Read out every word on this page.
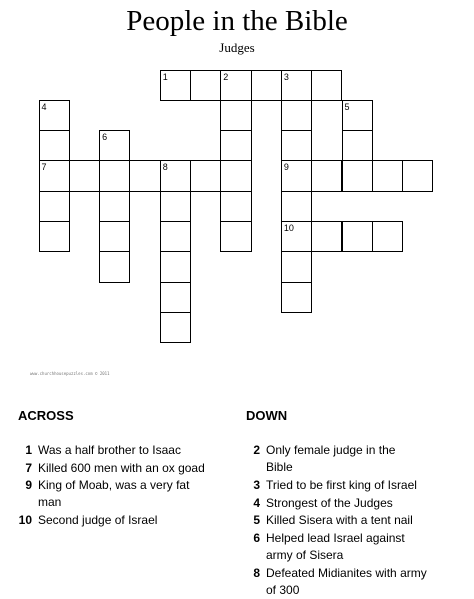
People in the Bible
Judges
1	2	3
4	5
6
7	8	9
10
www.churchhousepuzzles.com © 2011
ACROSS
1 Was a half brother to Isaac
7 Killed 600 men with an ox goad
9 King of Moab, was a very fat
man
10 Second judge of Israel
DOWN
2 Only female judge in the
Bible
3 Tried to be first king of Israel
4 Strongest of the Judges
5 Killed Sisera with a tent nail
6 Helped lead Israel against
army of Sisera
8 Defeated Midianites with army
of 300
